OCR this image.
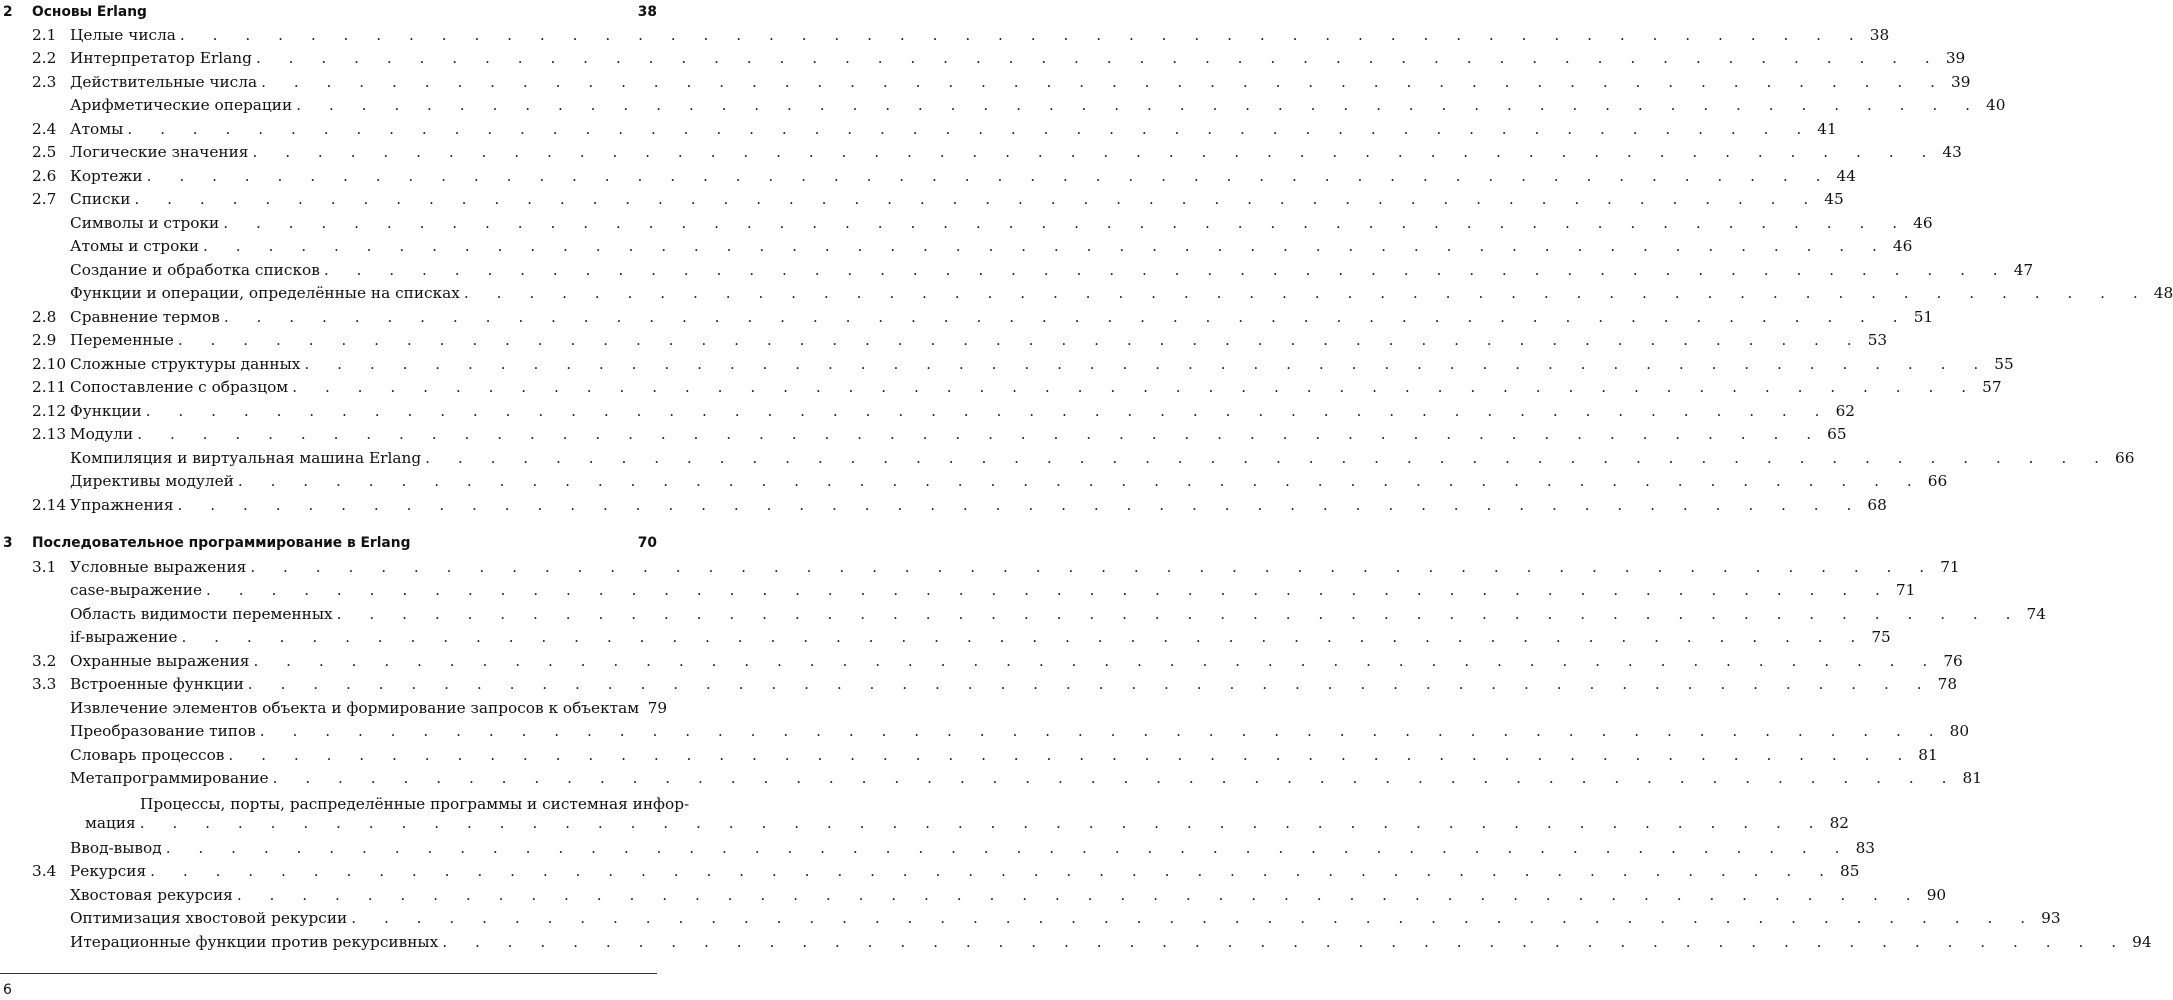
2 Основы Erlang	38
2.1 Целые числа . . . . . . . . . . . . . . . . . . . . . . . . . . . . . . . . . . . . . . . . . . . . . . . . . . . . 38
2.2 Интерпретатор Erlang . . . . . . . . . . . . . . . . . . . . . . . . . . . . . . . . . . . . . . . . . . . . . . . . . . . . 39
2.3 Действительные числа . . . . . . . . . . . . . . . . . . . . . . . . . . . . . . . . . . . . . . . . . . . . . . . . . . . . 39
Арифметические операции . . . . . . . . . . . . . . . . . . . . . . . . . . . . . . . . . . . . . . . . . . . . . . . . . . . . 40
2.4 Атомы . . . . . . . . . . . . . . . . . . . . . . . . . . . . . . . . . . . . . . . . . . . . . . . . . . . . 41
2.5 Логические значения . . . . . . . . . . . . . . . . . . . . . . . . . . . . . . . . . . . . . . . . . . . . . . . . . . . . 43
2.6 Кортежи . . . . . . . . . . . . . . . . . . . . . . . . . . . . . . . . . . . . . . . . . . . . . . . . . . . . 44
2.7 Списки . . . . . . . . . . . . . . . . . . . . . . . . . . . . . . . . . . . . . . . . . . . . . . . . . . . . 45
Символы и строки . . . . . . . . . . . . . . . . . . . . . . . . . . . . . . . . . . . . . . . . . . . . . . . . . . . . 46
Атомы и строки . . . . . . . . . . . . . . . . . . . . . . . . . . . . . . . . . . . . . . . . . . . . . . . . . . . . 46
Создание и обработка списков . . . . . . . . . . . . . . . . . . . . . . . . . . . . . . . . . . . . . . . . . . . . . . . . . . . . 47
Функции и операции, определённые на списках . . . . . . . . . . . . . . . . . . . . . . . . . . . . . . . . . . . . . . . . . . . . . . . . . . . . 48
2.8 Сравнение термов . . . . . . . . . . . . . . . . . . . . . . . . . . . . . . . . . . . . . . . . . . . . . . . . . . . . 51
2.9 Переменные . . . . . . . . . . . . . . . . . . . . . . . . . . . . . . . . . . . . . . . . . . . . . . . . . . . . 53
2.10 Сложные структуры данных . . . . . . . . . . . . . . . . . . . . . . . . . . . . . . . . . . . . . . . . . . . . . . . . . . . . 55
2.11 Сопоставление с образцом . . . . . . . . . . . . . . . . . . . . . . . . . . . . . . . . . . . . . . . . . . . . . . . . . . . . 57
2.12 Функции . . . . . . . . . . . . . . . . . . . . . . . . . . . . . . . . . . . . . . . . . . . . . . . . . . . . 62
2.13 Модули . . . . . . . . . . . . . . . . . . . . . . . . . . . . . . . . . . . . . . . . . . . . . . . . . . . . 65
Компиляция и виртуальная машина Erlang . . . . . . . . . . . . . . . . . . . . . . . . . . . . . . . . . . . . . . . . . . . . . . . . . . . . 66
Директивы модулей . . . . . . . . . . . . . . . . . . . . . . . . . . . . . . . . . . . . . . . . . . . . . . . . . . . . 66
2.14 Упражнения . . . . . . . . . . . . . . . . . . . . . . . . . . . . . . . . . . . . . . . . . . . . . . . . . . . . 68
3 Последовательное программирование в Erlang	70
3.1 Условные выражения . . . . . . . . . . . . . . . . . . . . . . . . . . . . . . . . . . . . . . . . . . . . . . . . . . . . 71
case-выражение . . . . . . . . . . . . . . . . . . . . . . . . . . . . . . . . . . . . . . . . . . . . . . . . . . . . 71
Область видимости переменных . . . . . . . . . . . . . . . . . . . . . . . . . . . . . . . . . . . . . . . . . . . . . . . . . . . . 74
if-выражение . . . . . . . . . . . . . . . . . . . . . . . . . . . . . . . . . . . . . . . . . . . . . . . . . . . . 75
3.2 Охранные выражения . . . . . . . . . . . . . . . . . . . . . . . . . . . . . . . . . . . . . . . . . . . . . . . . . . . . 76
3.3 Встроенные функции . . . . . . . . . . . . . . . . . . . . . . . . . . . . . . . . . . . . . . . . . . . . . . . . . . . . 78
Извлечение элементов объекта и формирование запросов к объектам 79
Преобразование типов . . . . . . . . . . . . . . . . . . . . . . . . . . . . . . . . . . . . . . . . . . . . . . . . . . . . 80
Словарь процессов . . . . . . . . . . . . . . . . . . . . . . . . . . . . . . . . . . . . . . . . . . . . . . . . . . . . 81
Метапрограммирование . . . . . . . . . . . . . . . . . . . . . . . . . . . . . . . . . . . . . . . . . . . . . . . . . . . . 81
Процессы, порты, распределённые программы и системная инфор-
мация . . . . . . . . . . . . . . . . . . . . . . . . . . . . . . . . . . . . . . . . . . . . . . . . . . . . 82
Ввод-вывод . . . . . . . . . . . . . . . . . . . . . . . . . . . . . . . . . . . . . . . . . . . . . . . . . . . . 83
3.4 Рекурсия . . . . . . . . . . . . . . . . . . . . . . . . . . . . . . . . . . . . . . . . . . . . . . . . . . . . 85
Хвостовая рекурсия . . . . . . . . . . . . . . . . . . . . . . . . . . . . . . . . . . . . . . . . . . . . . . . . . . . . 90
Оптимизация хвостовой рекурсии . . . . . . . . . . . . . . . . . . . . . . . . . . . . . . . . . . . . . . . . . . . . . . . . . . . . 93
Итерационные функции против рекурсивных . . . . . . . . . . . . . . . . . . . . . . . . . . . . . . . . . . . . . . . . . . . . . . . . . . . . 94
6
